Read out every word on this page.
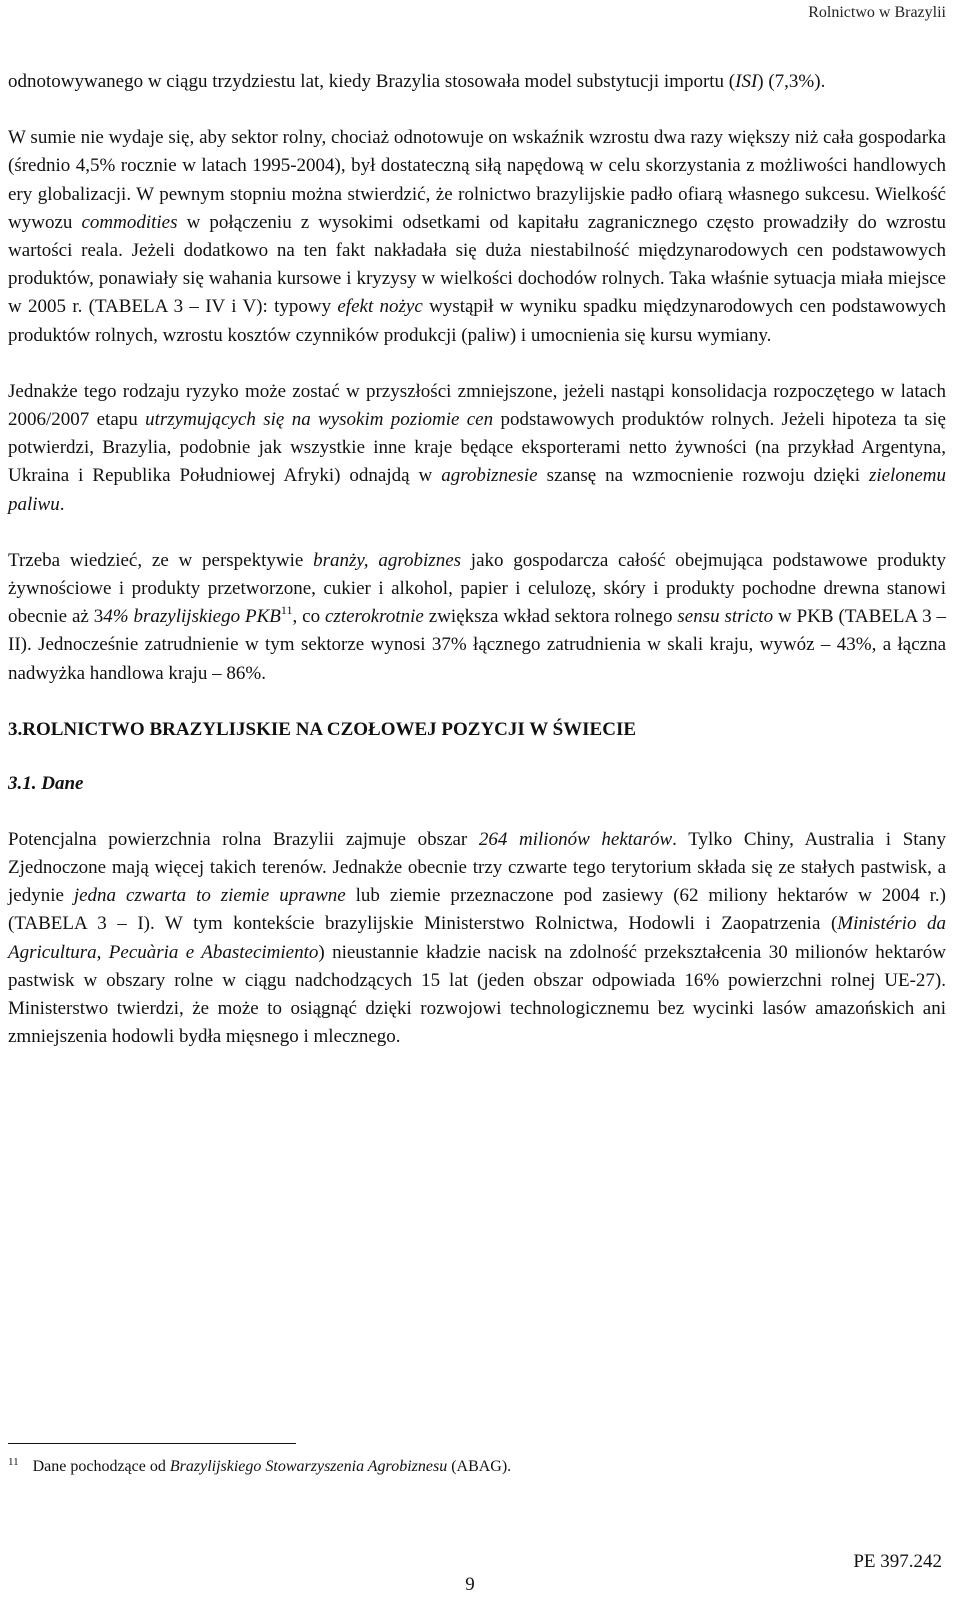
Rolnictwo w Brazylii

odnotowywanego w ciągu trzydziestu lat, kiedy Brazylia stosowała model substytucji importu (ISI) (7,3%).

W sumie nie wydaje się, aby sektor rolny, chociaż odnotowuje on wskaźnik wzrostu dwa razy większy niż cała gospodarka (średnio 4,5% rocznie w latach 1995-2004), był dostateczną siłą napędową w celu skorzystania z możliwości handlowych ery globalizacji. W pewnym stopniu można stwierdzić, że rolnictwo brazylijskie padło ofiarą własnego sukcesu. Wielkość wywozu commodities w połączeniu z wysokimi odsetkami od kapitału zagranicznego często prowadziły do wzrostu wartości reala. Jeżeli dodatkowo na ten fakt nakładała się duża niestabilność międzynarodowych cen podstawowych produktów, ponawiały się wahania kursowe i kryzysy w wielkości dochodów rolnych. Taka właśnie sytuacja miała miejsce w 2005 r. (TABELA 3 – IV i V): typowy efekt nożyc wystąpił w wyniku spadku międzynarodowych cen podstawowych produktów rolnych, wzrostu kosztów czynników produkcji (paliw) i umocnienia się kursu wymiany.

Jednakże tego rodzaju ryzyko może zostać w przyszłości zmniejszone, jeżeli nastąpi konsolidacja rozpoczętego w latach 2006/2007 etapu utrzymujących się na wysokim poziomie cen podstawowych produktów rolnych. Jeżeli hipoteza ta się potwierdzi, Brazylia, podobnie jak wszystkie inne kraje będące eksporterami netto żywności (na przykład Argentyna, Ukraina i Republika Południowej Afryki) odnajdą w agrobiznesie szansę na wzmocnienie rozwoju dzięki zielonemu paliwu.

Trzeba wiedzieć, ze w perspektywie branży, agrobiznes jako gospodarcza całość obejmująca podstawowe produkty żywnościowe i produkty przetworzone, cukier i alkohol, papier i celulozę, skóry i produkty pochodne drewna stanowi obecnie aż 34% brazylijskiego PKB$^{11}$, co czterokrotnie zwiększa wkład sektora rolnego sensu stricto w PKB (TABELA 3 – II). Jednocześnie zatrudnienie w tym sektorze wynosi 37% łącznego zatrudnienia w skali kraju, wywóz – 43%, a łączna nadwyżka handlowa kraju – 86%.

3.ROLNICTWO BRAZYLIJSKIE NA CZOŁOWEJ POZYCJI W ŚWIECIE
3.1. Dane

Potencjalna powierzchnia rolna Brazylii zajmuje obszar 264 milionów hektarów. Tylko Chiny, Australia i Stany Zjednoczone mają więcej takich terenów. Jednakże obecnie trzy czwarte tego terytorium składa się ze stałych pastwisk, a jedynie jedna czwarta to ziemie uprawne lub ziemie przeznaczone pod zasiewy (62 miliony hektarów w 2004 r.) (TABELA 3 – I). W tym kontekście brazylijskie Ministerstwo Rolnictwa, Hodowli i Zaopatrzenia (Ministério da Agricultura, Pecuària e Abastecimiento) nieustannie kładzie nacisk na zdolność przekształcenia 30 milionów hektarów pastwisk w obszary rolne w ciągu nadchodzących 15 lat (jeden obszar odpowiada 16% powierzchni rolnej UE-27). Ministerstwo twierdzi, że może to osiągnąć dzięki rozwojowi technologicznemu bez wycinki lasów amazońskich ani zmniejszenia hodowli bydła mięsnego i mlecznego.

$^{11}$ Dane pochodzące od Brazylijskiego Stowarzyszenia Agrobiznesu (ABAG).
PE 397.242
9
